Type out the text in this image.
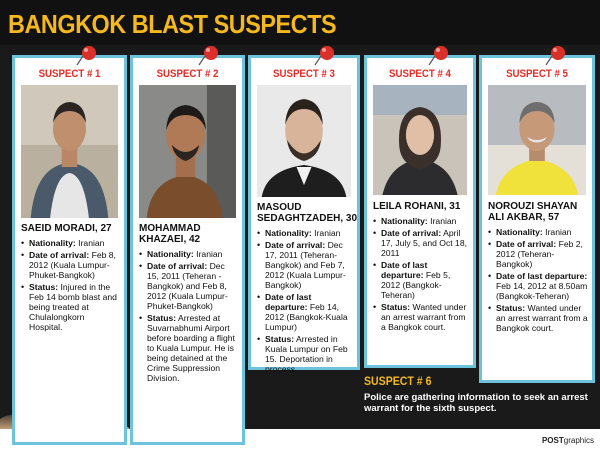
BANGKOK BLAST SUSPECTS
POSTgraphics
SUSPECT # 1
SAEID MORADI, 27
• Nationality: Iranian
• Date of arrival: Feb 8, 2012 (Kuala Lumpur-Phuket-Bangkok)
• Status: Injured in the Feb 14 bomb blast and being treated at Chulalongkorn Hospital.
SUSPECT # 2
MOHAMMAD
KHAZAEI, 42
• Nationality: Iranian
• Date of arrival: Dec 15, 2011 (Teheran -Bangkok) and Feb 8, 2012 (Kuala Lumpur-Phuket-Bangkok)
• Status: Arrested at Suvarnabhumi Airport before boarding a flight to Kuala Lumpur. He is being detained at the Crime Suppression Division.
SUSPECT # 3
MASOUD
SEDAGHTZADEH, 30
• Nationality: Iranian
• Date of arrival: Dec 17, 2011 (Teheran-Bangkok) and Feb 7, 2012 (Kuala Lumpur-Bangkok)
• Date of last departure: Feb 14, 2012 (Bangkok-Kuala Lumpur)
• Status: Arrested in Kuala Lumpur on Feb 15. Deportation in process.
SUSPECT # 4
LEILA ROHANI, 31
• Nationality: Iranian
• Date of arrival: April 17, July 5, and Oct 18, 2011
• Date of last departure: Feb 5, 2012 (Bangkok-Teheran)
• Status: Wanted under an arrest warrant from a Bangkok court.
SUSPECT # 5
NOROUZI SHAYAN
ALI AKBAR, 57
• Nationality: Iranian
• Date of arrival: Feb 2, 2012 (Teheran-Bangkok)
• Date of last departure: Feb 14, 2012 at 8.50am (Bangkok-Teheran)
• Status: Wanted under an arrest warrant from a Bangkok court.
SUSPECT # 6
Police are gathering information to seek an arrest warrant for the sixth suspect.
